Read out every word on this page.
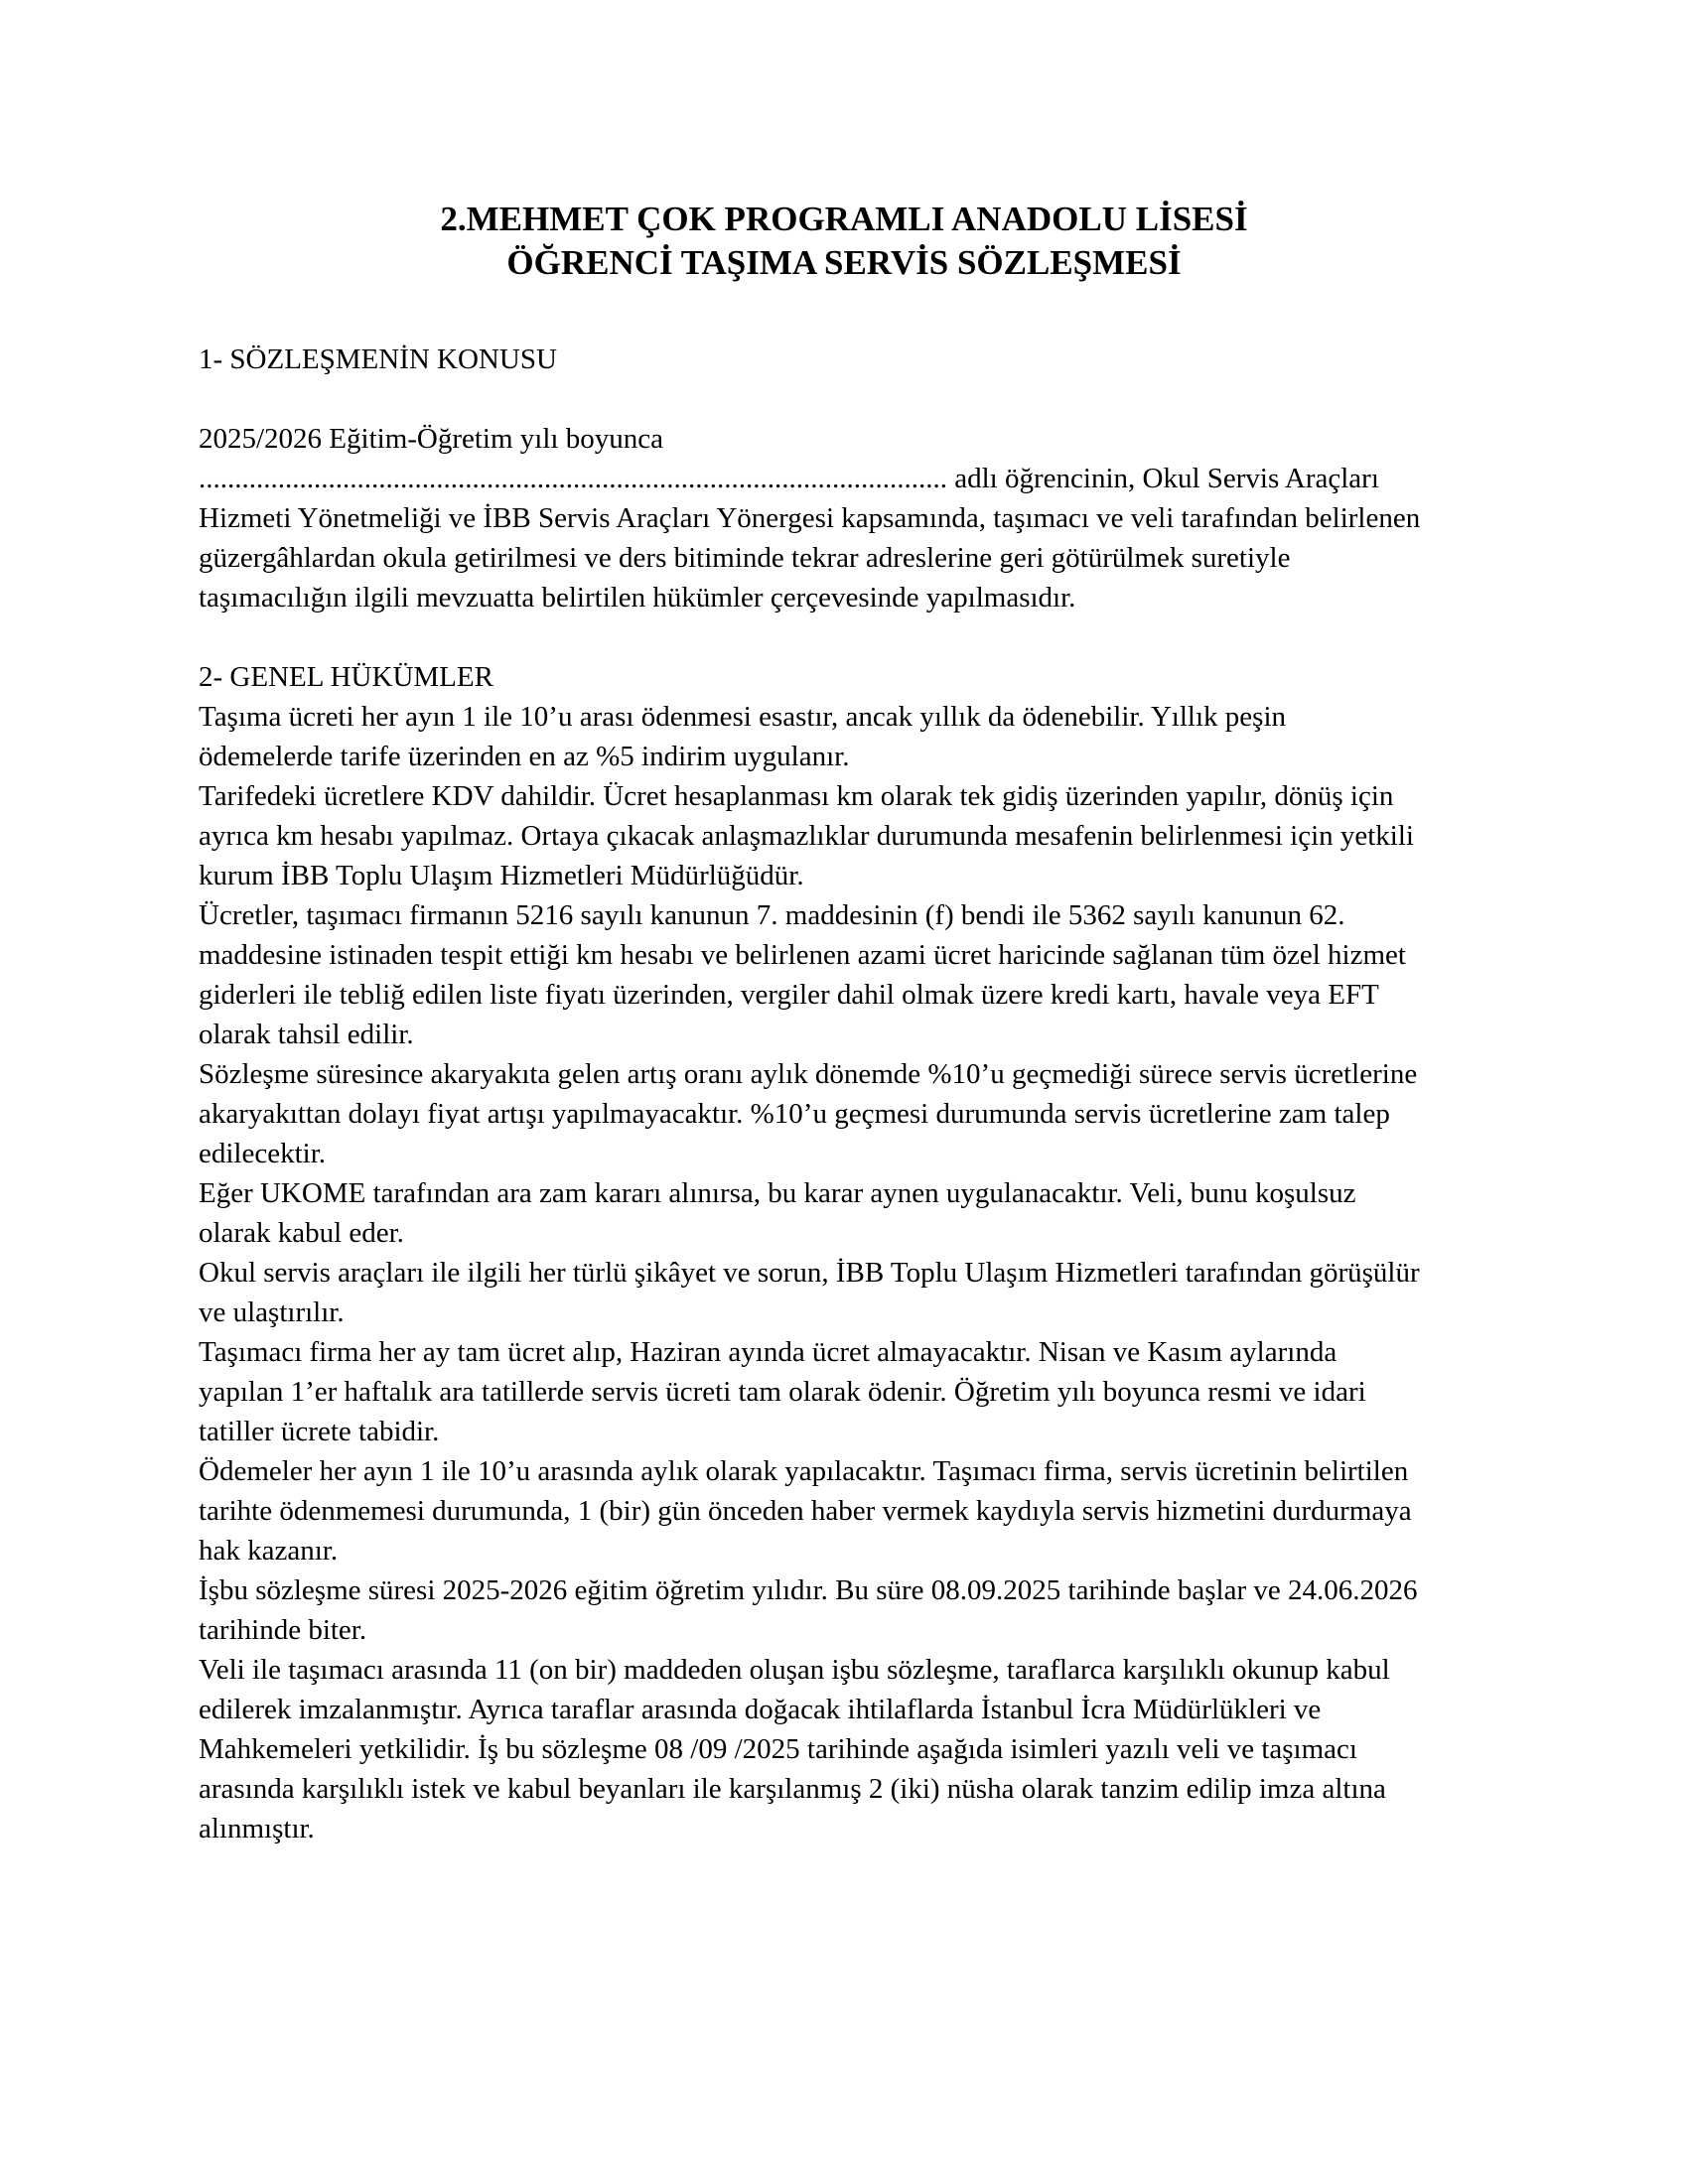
2.MEHMET ÇOK PROGRAMLI ANADOLU LİSESİ
ÖĞRENCİ TAŞIMA SERVİS SÖZLEŞMESİ
1- SÖZLEŞMENİN KONUSU
2025/2026 Eğitim-Öğretim yılı boyunca
........................................................................................................ adlı öğrencinin, Okul Servis Araçları
Hizmeti Yönetmeliği ve İBB Servis Araçları Yönergesi kapsamında, taşımacı ve veli tarafından belirlenen
güzergâhlardan okula getirilmesi ve ders bitiminde tekrar adreslerine geri götürülmek suretiyle
taşımacılığın ilgili mevzuatta belirtilen hükümler çerçevesinde yapılmasıdır.
2- GENEL HÜKÜMLER
Taşıma ücreti her ayın 1 ile 10’u arası ödenmesi esastır, ancak yıllık da ödenebilir. Yıllık peşin
ödemelerde tarife üzerinden en az %5 indirim uygulanır.
Tarifedeki ücretlere KDV dahildir. Ücret hesaplanması km olarak tek gidiş üzerinden yapılır, dönüş için
ayrıca km hesabı yapılmaz. Ortaya çıkacak anlaşmazlıklar durumunda mesafenin belirlenmesi için yetkili
kurum İBB Toplu Ulaşım Hizmetleri Müdürlüğüdür.
Ücretler, taşımacı firmanın 5216 sayılı kanunun 7. maddesinin (f) bendi ile 5362 sayılı kanunun 62.
maddesine istinaden tespit ettiği km hesabı ve belirlenen azami ücret haricinde sağlanan tüm özel hizmet
giderleri ile tebliğ edilen liste fiyatı üzerinden, vergiler dahil olmak üzere kredi kartı, havale veya EFT
olarak tahsil edilir.
Sözleşme süresince akaryakıta gelen artış oranı aylık dönemde %10’u geçmediği sürece servis ücretlerine
akaryakıttan dolayı fiyat artışı yapılmayacaktır. %10’u geçmesi durumunda servis ücretlerine zam talep
edilecektir.
Eğer UKOME tarafından ara zam kararı alınırsa, bu karar aynen uygulanacaktır. Veli, bunu koşulsuz
olarak kabul eder.
Okul servis araçları ile ilgili her türlü şikâyet ve sorun, İBB Toplu Ulaşım Hizmetleri tarafından görüşülür
ve ulaştırılır.
Taşımacı firma her ay tam ücret alıp, Haziran ayında ücret almayacaktır. Nisan ve Kasım aylarında
yapılan 1’er haftalık ara tatillerde servis ücreti tam olarak ödenir. Öğretim yılı boyunca resmi ve idari
tatiller ücrete tabidir.
Ödemeler her ayın 1 ile 10’u arasında aylık olarak yapılacaktır. Taşımacı firma, servis ücretinin belirtilen
tarihte ödenmemesi durumunda, 1 (bir) gün önceden haber vermek kaydıyla servis hizmetini durdurmaya
hak kazanır.
İşbu sözleşme süresi 2025-2026 eğitim öğretim yılıdır. Bu süre 08.09.2025 tarihinde başlar ve 24.06.2026
tarihinde biter.
Veli ile taşımacı arasında 11 (on bir) maddeden oluşan işbu sözleşme, taraflarca karşılıklı okunup kabul
edilerek imzalanmıştır. Ayrıca taraflar arasında doğacak ihtilaflarda İstanbul İcra Müdürlükleri ve
Mahkemeleri yetkilidir. İş bu sözleşme 08 /09 /2025 tarihinde aşağıda isimleri yazılı veli ve taşımacı
arasında karşılıklı istek ve kabul beyanları ile karşılanmış 2 (iki) nüsha olarak tanzim edilip imza altına
alınmıştır.
